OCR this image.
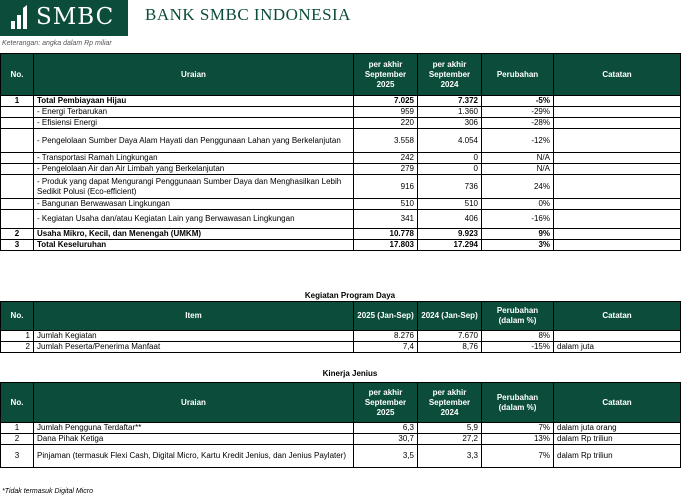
SMBC BANK SMBC INDONESIA
Keterangan: angka dalam Rp miliar
No.	Uraian	per akhir September 2025	per akhir September 2024	Perubahan	Catatan
1	Total Pembiayaan Hijau	7.025	7.372	-5%	
	- Energi Terbarukan	959	1.360	-29%	
	- Efisiensi Energi	220	306	-28%	
	- Pengelolaan Sumber Daya Alam Hayati dan Penggunaan Lahan yang Berkelanjutan	3.558	4.054	-12%	
	- Transportasi Ramah Lingkungan	242	0	N/A	
	- Pengelolaan Air dan Air Limbah yang Berkelanjutan	279	0	N/A	
	- Produk yang dapat Mengurangi Penggunaan Sumber Daya dan Menghasilkan Lebih Sedikit Polusi (Eco-efficient)	916	736	24%	
	- Bangunan Berwawasan Lingkungan	510	510	0%	
	- Kegiatan Usaha dan/atau Kegiatan Lain yang Berwawasan Lingkungan	341	406	-16%	
2	Usaha Mikro, Kecil, dan Menengah (UMKM)	10.778	9.923	9%	
3	Total Keseluruhan	17.803	17.294	3%	
Kegiatan Program Daya
No.	Item	2025 (Jan-Sep)	2024 (Jan-Sep)	Perubahan (dalam %)	Catatan
1	Jumlah Kegiatan	8.276	7.670	8%	
2	Jumlah Peserta/Penerima Manfaat	7,4	8,76	-15%	dalam juta
Kinerja Jenius
No.	Uraian	per akhir September 2025	per akhir September 2024	Perubahan (dalam %)	Catatan
1	Jumlah Pengguna Terdaftar**	6,3	5,9	7%	dalam juta orang
2	Dana Pihak Ketiga	30,7	27,2	13%	dalam Rp triliun
3	Pinjaman (termasuk Flexi Cash, Digital Micro, Kartu Kredit Jenius, dan Jenius Paylater)	3,5	3,3	7%	dalam Rp triliun
*Tidak termasuk Digital Micro
